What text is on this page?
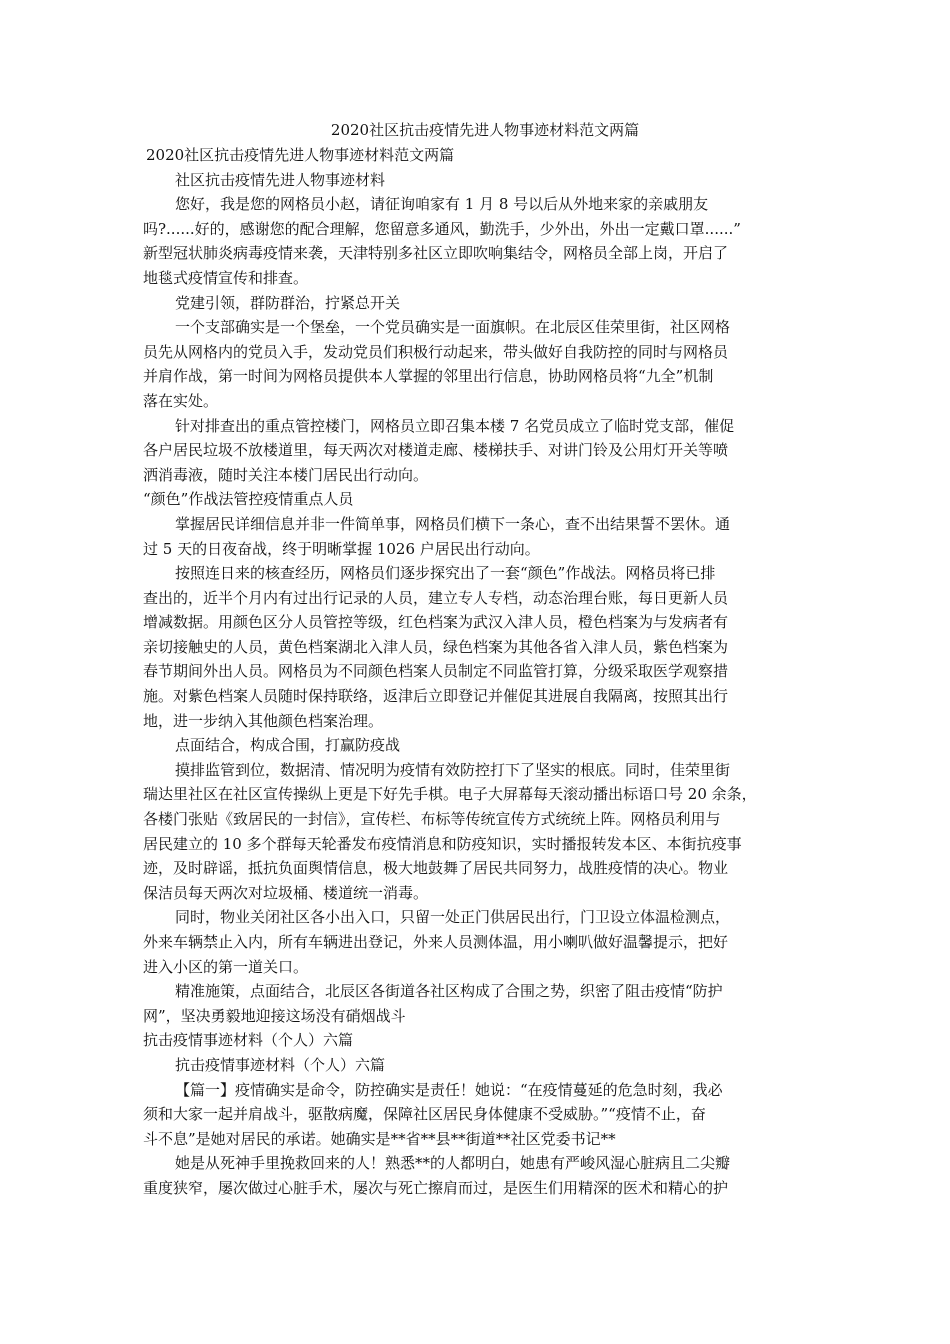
2020社区抗击疫情先进人物事迹材料范文两篇

2020社区抗击疫情先进人物事迹材料范文两篇

社区抗击疫情先进人物事迹材料

您好，我是您的网格员小赵，请征询咱家有 1 月 8 号以后从外地来家的亲戚朋友
吗?......好的，感谢您的配合理解，您留意多通风，勤洗手，少外出，外出一定戴口罩......”
新型冠状肺炎病毒疫情来袭，天津特别多社区立即吹响集结令，网格员全部上岗，开启了
地毯式疫情宣传和排查。

党建引领，群防群治，拧紧总开关

一个支部确实是一个堡垒，一个党员确实是一面旗帜。在北辰区佳荣里街，社区网格
员先从网格内的党员入手，发动党员们积极行动起来，带头做好自我防控的同时与网格员
并肩作战，第一时间为网格员提供本人掌握的邻里出行信息，协助网格员将“九全”机制
落在实处。
针对排查出的重点管控楼门，网格员立即召集本楼 7 名党员成立了临时党支部，催促
各户居民垃圾不放楼道里，每天两次对楼道走廊、楼梯扶手、对讲门铃及公用灯开关等喷
洒消毒液，随时关注本楼门居民出行动向。

“颜色”作战法管控疫情重点人员

掌握居民详细信息并非一件简单事，网格员们横下一条心，查不出结果誓不罢休。通
过 5 天的日夜奋战，终于明晰掌握 1026 户居民出行动向。
按照连日来的核查经历，网格员们逐步探究出了一套“颜色”作战法。网格员将已排
查出的，近半个月内有过出行记录的人员，建立专人专档，动态治理台账，每日更新人员
增减数据。用颜色区分人员管控等级，红色档案为武汉入津人员，橙色档案为与发病者有
亲切接触史的人员，黄色档案湖北入津人员，绿色档案为其他各省入津人员，紫色档案为
春节期间外出人员。网格员为不同颜色档案人员制定不同监管打算，分级采取医学观察措
施。对紫色档案人员随时保持联络，返津后立即登记并催促其进展自我隔离，按照其出行
地，进一步纳入其他颜色档案治理。

点面结合，构成合围，打赢防疫战

摸排监管到位，数据清、情况明为疫情有效防控打下了坚实的根底。同时，佳荣里街
瑞达里社区在社区宣传操纵上更是下好先手棋。电子大屏幕每天滚动播出标语口号 20 余条，
各楼门张贴《致居民的一封信》，宣传栏、布标等传统宣传方式统统上阵。网格员利用与
居民建立的 10 多个群每天轮番发布疫情消息和防疫知识，实时播报转发本区、本街抗疫事
迹，及时辟谣，抵抗负面舆情信息，极大地鼓舞了居民共同努力，战胜疫情的决心。物业
保洁员每天两次对垃圾桶、楼道统一消毒。
同时，物业关闭社区各小出入口，只留一处正门供居民出行，门卫设立体温检测点，
外来车辆禁止入内，所有车辆进出登记，外来人员测体温，用小喇叭做好温馨提示，把好
进入小区的第一道关口。
精准施策，点面结合，北辰区各街道各社区构成了合围之势，织密了阻击疫情“防护
网”，坚决勇毅地迎接这场没有硝烟战斗

抗击疫情事迹材料（个人）六篇

抗击疫情事迹材料（个人）六篇

【篇一】疫情确实是命令，防控确实是责任！她说：“在疫情蔓延的危急时刻，我必
须和大家一起并肩战斗，驱散病魔，保障社区居民身体健康不受威胁。”“疫情不止，奋
斗不息”是她对居民的承诺。她确实是**省**县**街道**社区党委书记**
她是从死神手里挽救回来的人！熟悉**的人都明白，她患有严峻风湿心脏病且二尖瓣
重度狭窄，屡次做过心脏手术，屡次与死亡擦肩而过，是医生们用精深的医术和精心的护
